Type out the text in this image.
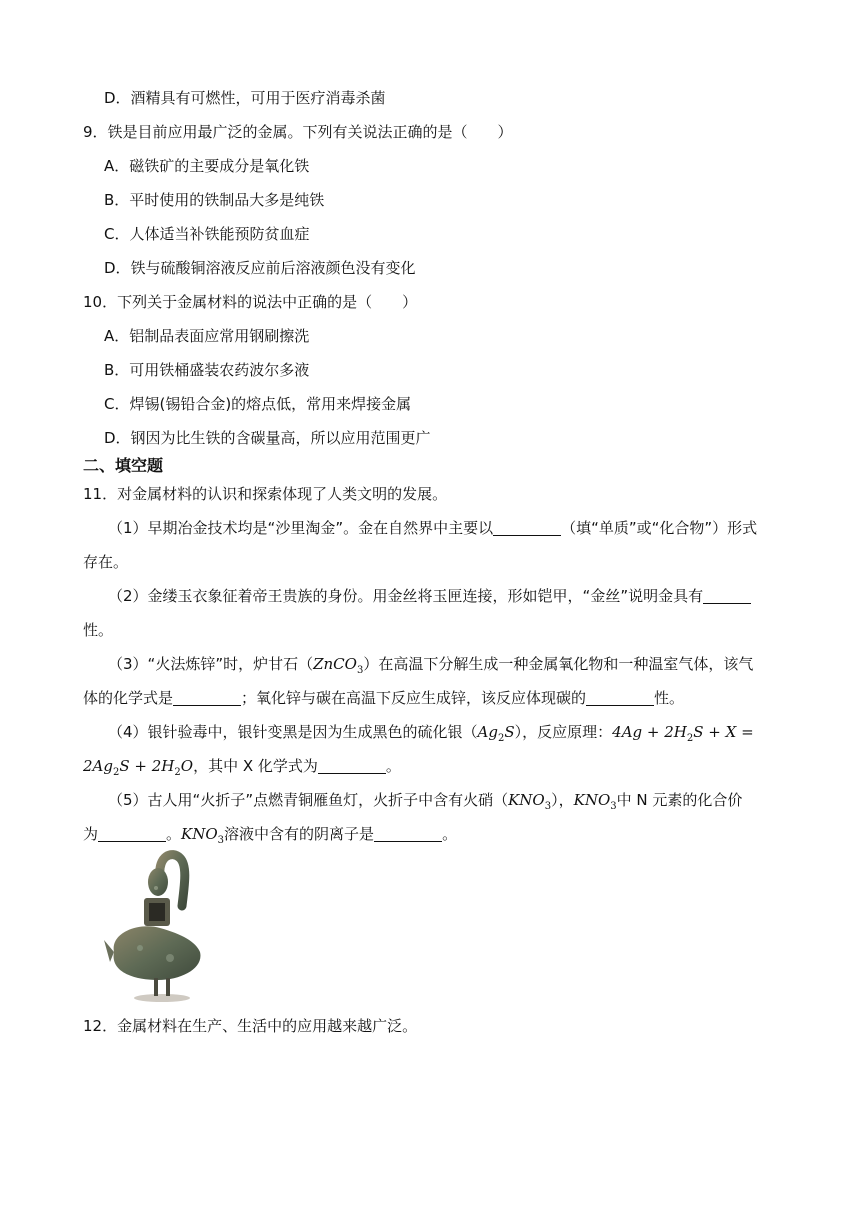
D．酒精具有可燃性，可用于医疗消毒杀菌
9．铁是目前应用最广泛的金属。下列有关说法正确的是（ ）
A．磁铁矿的主要成分是氧化铁
B．平时使用的铁制品大多是纯铁
C．人体适当补铁能预防贫血症
D．铁与硫酸铜溶液反应前后溶液颜色没有变化
10．下列关于金属材料的说法中正确的是（ ）
A．铝制品表面应常用钢刷擦洗
B．可用铁桶盛装农药波尔多液
C．焊锡(锡铅合金)的熔点低，常用来焊接金属
D．钢因为比生铁的含碳量高，所以应用范围更广
二、填空题
11．对金属材料的认识和探索体现了人类文明的发展。
（1）早期冶金技术均是“沙里淘金”。金在自然界中主要以	（填“单质”或“化合物”）形式
存在。
（2）金缕玉衣象征着帝王贵族的身份。用金丝将玉匣连接，形如铠甲，“金丝”说明金具有
性。
（3）“火法炼锌”时，炉甘石（ZnCO$_3$）在高温下分解生成一种金属氧化物和一种温室气体，该气
体的化学式是	；氧化锌与碳在高温下反应生成锌，该反应体现碳的	性。
（4）银针验毒中，银针变黑是因为生成黑色的硫化银$(Ag_2S)$，反应原理：$4Ag + 2H_2S + X$ =
$2Ag_2S + 2H_2O$，其中 X 化学式为	。
（5）古人用“火折子”点燃青铜雁鱼灯，火折子中含有火硝$(KNO_3)$，$KNO_3$中 N 元素的化合价
为	。$KNO_3$溶液中含有的阴离子是	。
12．金属材料在生产、生活中的应用越来越广泛。
